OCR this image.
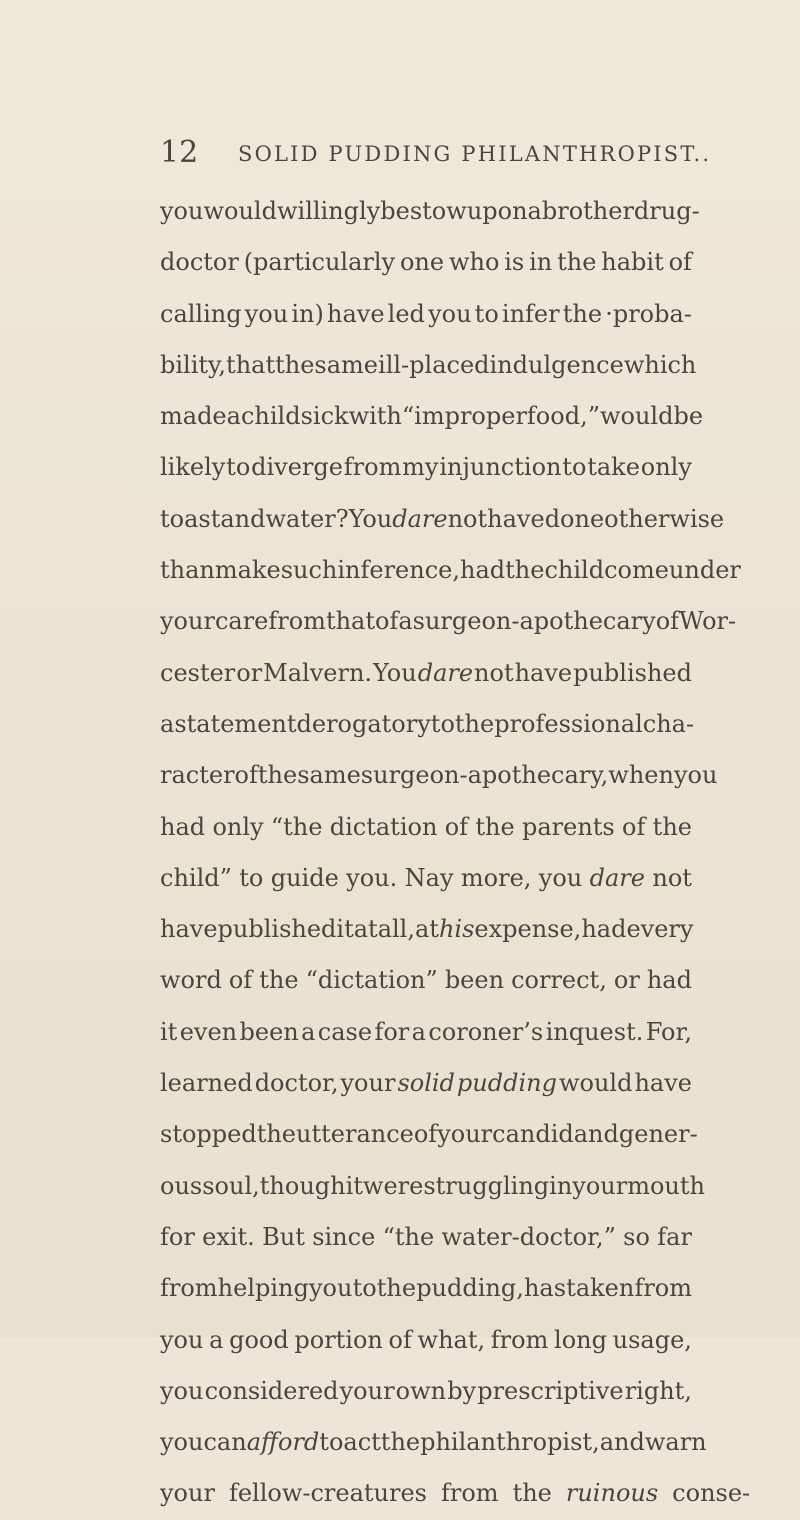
12 SOLID PUDDING PHILANTHROPIST..
you would willingly bestow upon a brother drug-
doctor (particularly one who is in the habit of
calling you in) have led you to infer the ·proba-
bility, that the same ill-placed indulgence which
made a child sick with “improper food,” would be
likely to diverge from my injunction to take only
toast and water? You dare not have done otherwise
than make such inference, had the child come under
your care from that of a surgeon-apothecary of Wor-
cester or Malvern. You dare not have published
a statement derogatory to the professional cha-
racter of the same surgeon-apothecary, when you
had only “the dictation of the parents of the
child” to guide you. Nay more, you dare not
have published it at all, at his expense, had every
word of the “dictation” been correct, or had
it even been a case for a coroner’s inquest. For,
learned doctor, your solid pudding would have
stopped the utterance of your candid and gener-
ous soul, though it were struggling in your mouth
for exit. But since “the water-doctor,” so far
from helping you to the pudding, has taken from
you a good portion of what, from long usage,
you considered your own by prescriptive right,
you can afford to act the philanthropist, and warn
your fellow-creatures from the ruinous conse-
